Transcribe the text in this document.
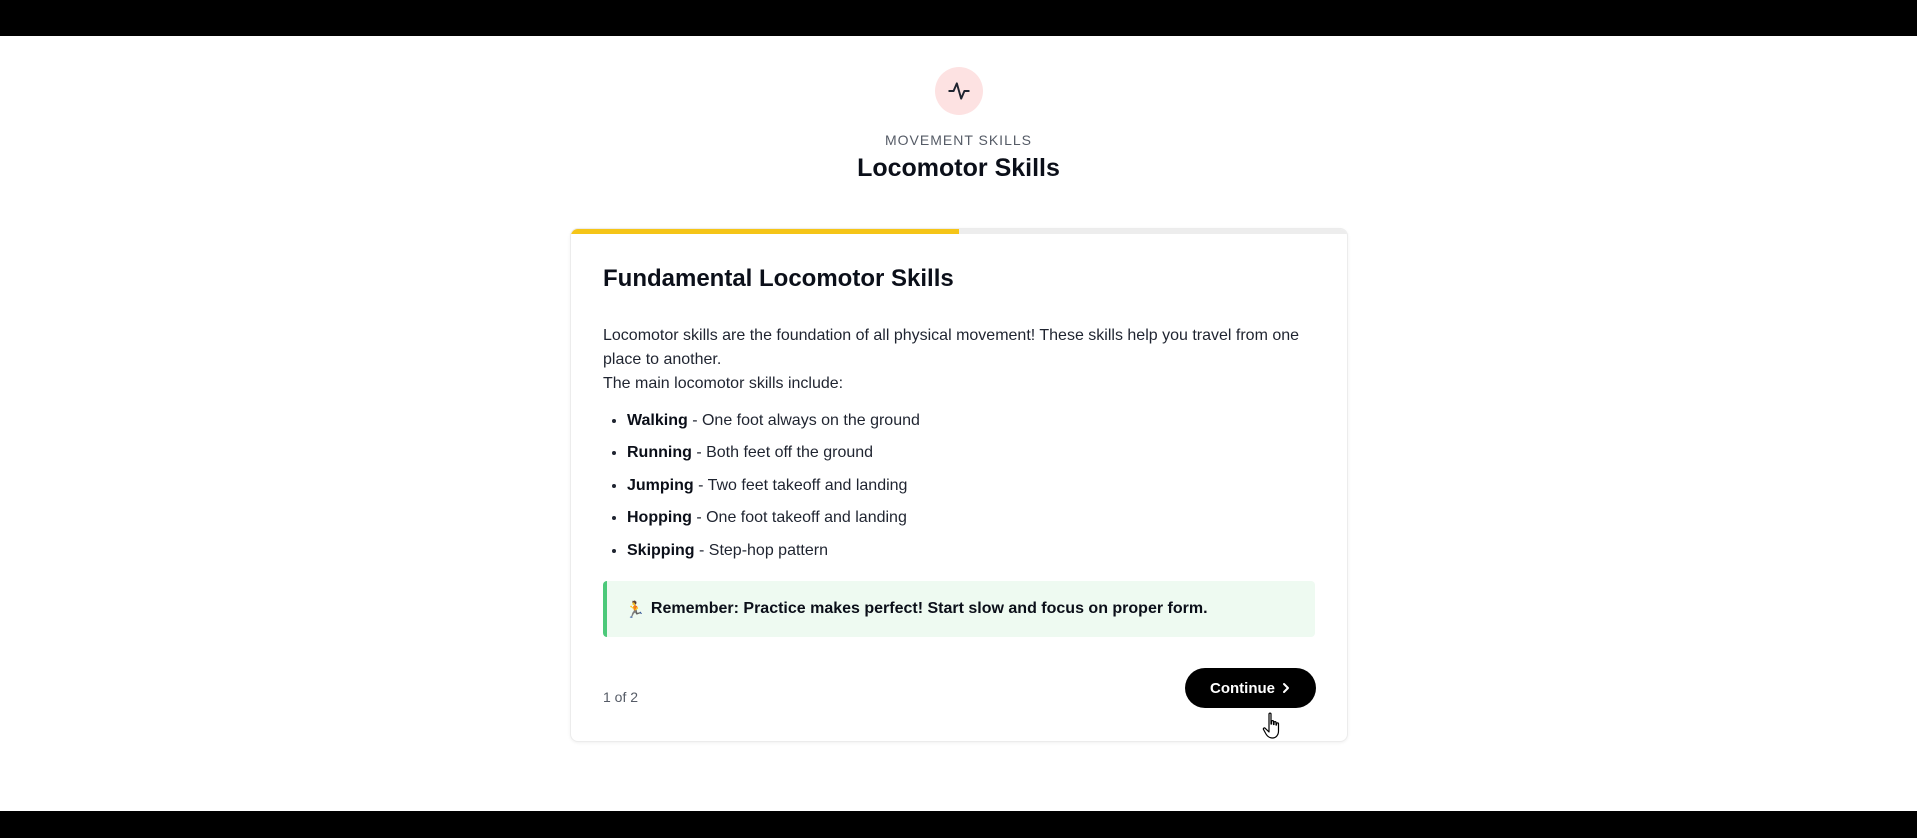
MOVEMENT SKILLS
Locomotor Skills
Fundamental Locomotor Skills

Locomotor skills are the foundation of all physical movement! These skills help you travel from one place to another.

The main locomotor skills include:

• Walking - One foot always on the ground
• Running - Both feet off the ground
• Jumping - Two feet takeoff and landing
• Hopping - One foot takeoff and landing
• Skipping - Step-hop pattern
🏃 Remember: Practice makes perfect! Start slow and focus on proper form.
1 of 2
Continue
